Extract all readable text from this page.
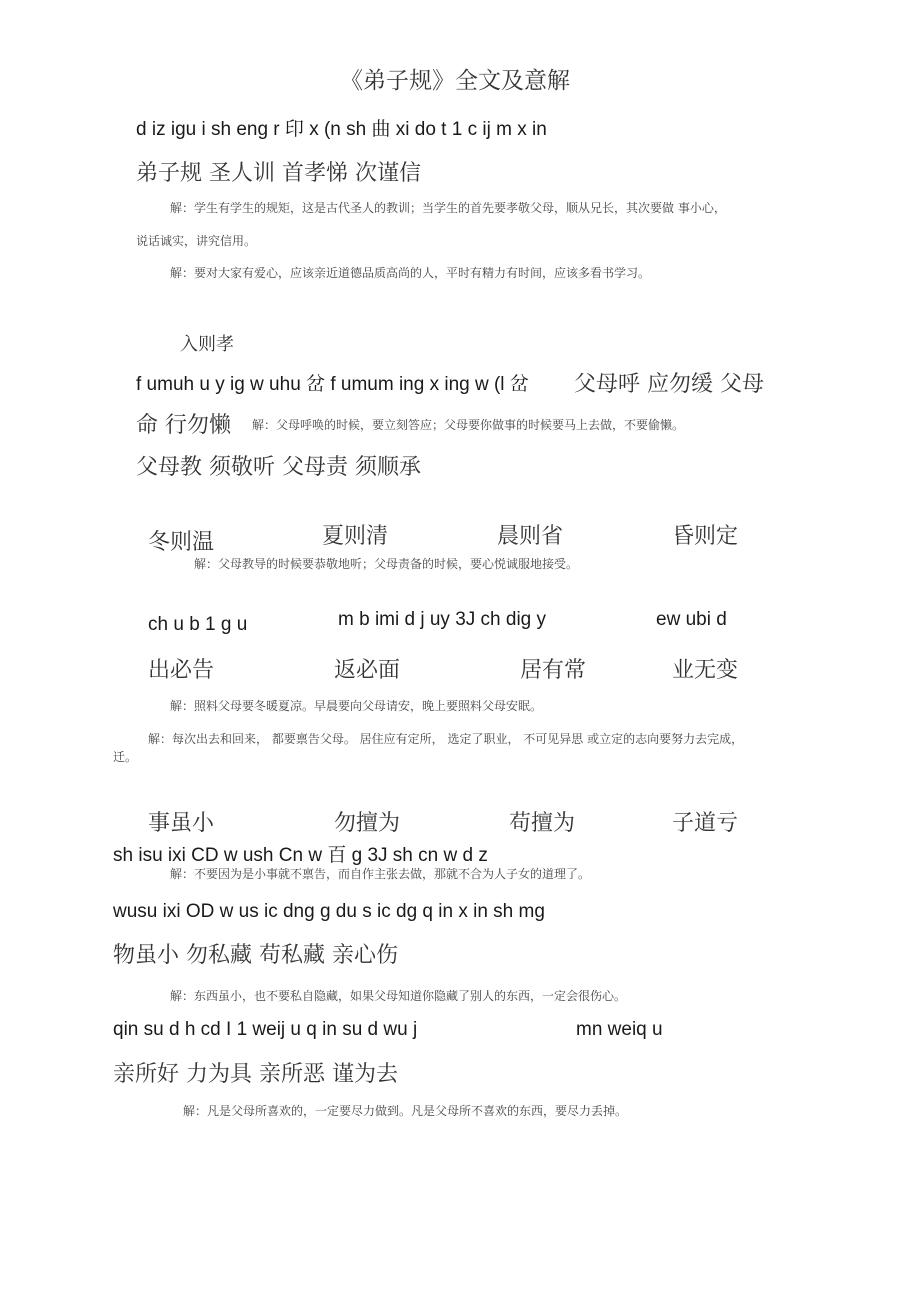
《弟子规》全文及意解
d iz igu i sh eng r 印 x (n sh 曲 xi do t 1 c ij m x in
弟子规 圣人训 首孝悌 次谨信
解：学生有学生的规矩，这是古代圣人的教训；当学生的首先要孝敬父母，顺从兄长，其次要做 事小心，
说话诚实，讲究信用。
解：要对大家有爱心，应该亲近道德品质高尚的人，平时有精力有时间，应该多看书学习。
入则孝
f umuh u y ig w uhu 岔 f umum ing x ing w (l 岔 父母呼 应勿缓 父母
命 行勿懒 解：父母呼唤的时候，要立刻答应；父母要你做事的时候要马上去做，不要偷懒。
父母教 须敬听 父母责 须顺承
冬则温	夏则清	晨则省	昏则定
解：父母教导的时候要恭敬地听；父母责备的时候，要心悦诚服地接受。
ch u b 1 g u	m b imi d j uy 3J ch dig y	ew ubi d
出必告	返必面	居有常	业无变
解：照料父母要冬暖夏凉。早晨要向父母请安，晚上要照料父母安眠。
解：每次出去和回来， 都要禀告父母。 居住应有定所， 选定了职业， 不可见异思 或立定的志向要努力去完成，
迁。
事虽小	勿擅为	苟擅为	子道亏
sh isu ixi CD w ush Cn w 百 g 3J sh cn w d z
解：不要因为是小事就不禀告，而自作主张去做，那就不合为人子女的道理了。
wusu ixi OD w us ic dng g du s ic dg q in x in sh mg
物虽小 勿私藏 苟私藏 亲心伤
解：东西虽小，也不要私自隐藏，如果父母知道你隐藏了别人的东西，一定会很伤心。
qin su d h cd I 1 weij u q in su d wu j	mn weiq u
亲所好 力为具 亲所恶 谨为去
解：凡是父母所喜欢的，一定要尽力做到。凡是父母所不喜欢的东西，要尽力丢掉。
